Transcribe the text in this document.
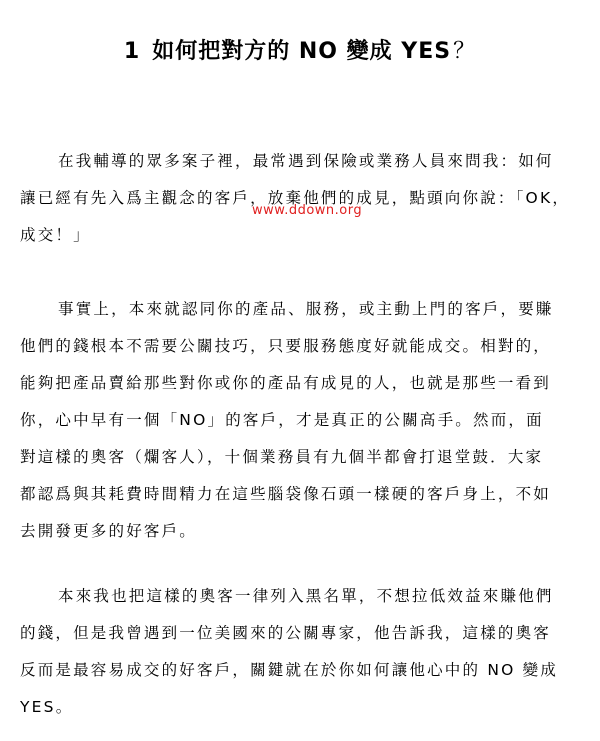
1 如何把對方的 NO 變成 YES？
在我輔導的眾多案子裡，最常遇到保險或業務人員來問我：如何
讓已經有先入爲主觀念的客戶，放棄他們的成見，點頭向你說：「OK，
成交！」
事實上，本來就認同你的產品、服務，或主動上門的客戶，要賺
他們的錢根本不需要公關技巧，只要服務態度好就能成交。相對的，
能夠把產品賣給那些對你或你的產品有成見的人，也就是那些一看到
你，心中早有一個「NO」的客戶，才是真正的公關高手。然而，面
對這樣的奧客（爛客人），十個業務員有九個半都會打退堂鼓．大家
都認爲與其耗費時間精力在這些腦袋像石頭一樣硬的客戶身上，不如
去開發更多的好客戶。
本來我也把這樣的奧客一律列入黑名單，不想拉低效益來賺他們
的錢，但是我曾遇到一位美國來的公關專家，他告訴我，這樣的奧客
反而是最容易成交的好客戶，關鍵就在於你如何讓他心中的 NO 變成
YES。
www.ddown.org
